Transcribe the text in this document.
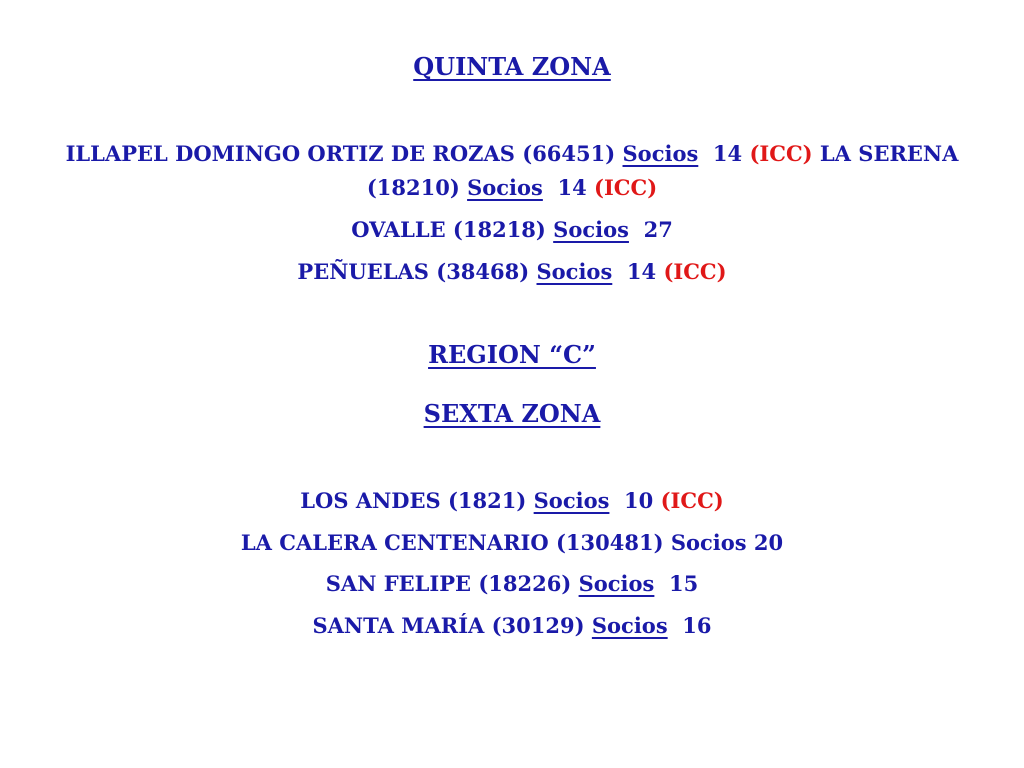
QUINTA ZONA
ILLAPEL DOMINGO ORTIZ DE ROZAS (66451) Socios 14 (ICC) LA SERENA (18210) Socios 14 (ICC)
OVALLE (18218) Socios 27
PEÑUELAS (38468) Socios 14 (ICC)
REGION “C”
SEXTA ZONA
LOS ANDES (1821) Socios 10 (ICC)
LA CALERA CENTENARIO (130481) Socios 20
SAN FELIPE (18226) Socios 15
SANTA MARÍA (30129) Socios 16
